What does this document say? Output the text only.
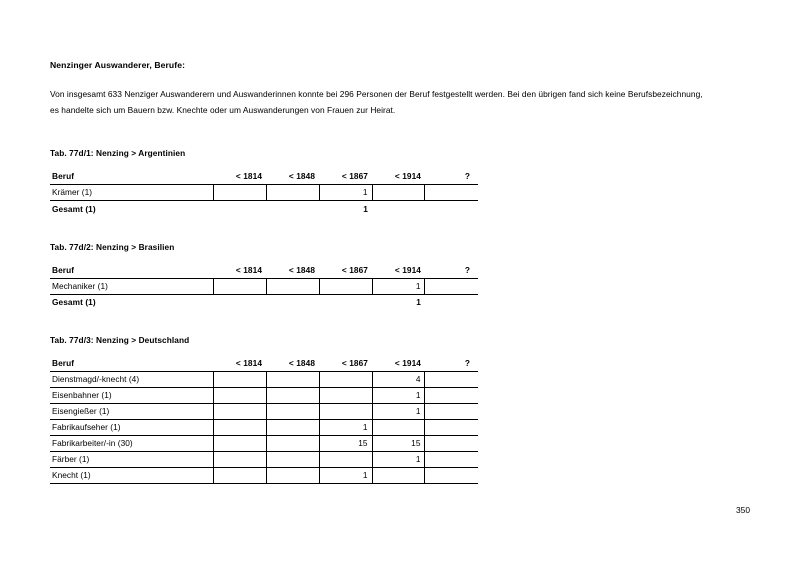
Nenzinger Auswanderer, Berufe:

Von insgesamt 633 Nenziger Auswanderern und Auswanderinnen konnte bei 296 Personen der Beruf festgestellt werden. Bei den übrigen fand sich keine Berufsbezeichnung, es handelte sich um Bauern bzw. Knechte oder um Auswanderungen von Frauen zur Heirat.

Tab. 77d/1: Nenzing > Argentinien

Beruf	< 1814	< 1848	< 1867	< 1914	?
Krämer (1)			1		
Gesamt (1)			1		

Tab. 77d/2: Nenzing > Brasilien

Beruf	< 1814	< 1848	< 1867	< 1914	?
Mechaniker (1)				1	
Gesamt (1)				1	

Tab. 77d/3: Nenzing > Deutschland

Beruf	< 1814	< 1848	< 1867	< 1914	?
Dienstmagd/-knecht (4)				4	
Eisenbahner (1)				1	
Eisengießer (1)				1	
Fabrikaufseher (1)			1		
Fabrikarbeiter/-in (30)			15	15	
Färber (1)				1	
Knecht (1)			1		
350
